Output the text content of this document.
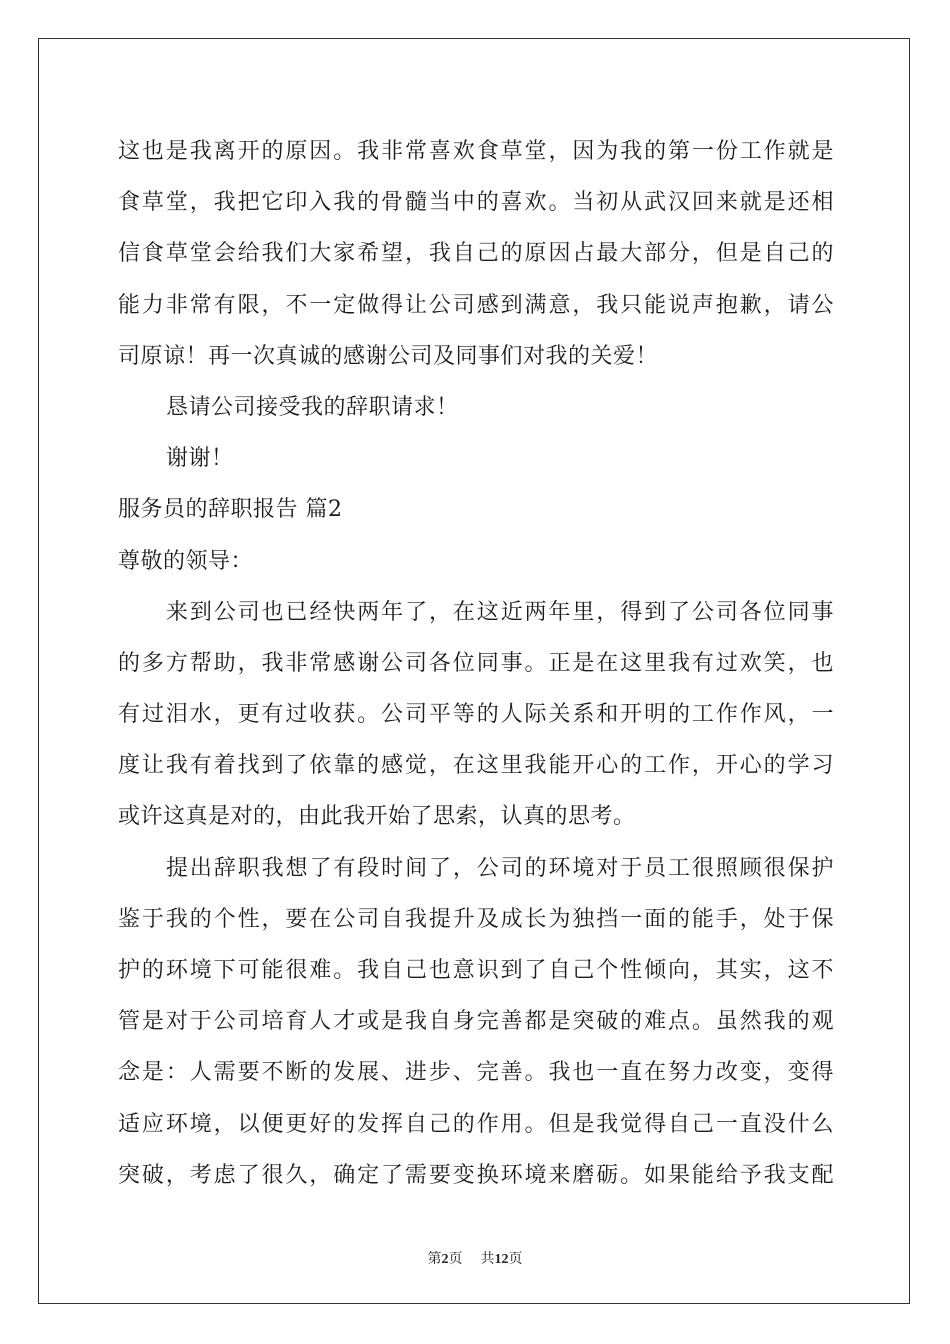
这也是我离开的原因。我非常喜欢食草堂，因为我的第一份工作就是
食草堂，我把它印入我的骨髓当中的喜欢。当初从武汉回来就是还相
信食草堂会给我们大家希望，我自己的原因占最大部分，但是自己的
能力非常有限，不一定做得让公司感到满意，我只能说声抱歉，请公
司原谅！再一次真诚的感谢公司及同事们对我的关爱！
恳请公司接受我的辞职请求！
谢谢！
服务员的辞职报告 篇2
尊敬的领导：
来到公司也已经快两年了，在这近两年里，得到了公司各位同事
的多方帮助，我非常感谢公司各位同事。正是在这里我有过欢笑，也
有过泪水，更有过收获。公司平等的人际关系和开明的工作作风，一
度让我有着找到了依靠的感觉，在这里我能开心的工作，开心的学习
或许这真是对的，由此我开始了思索，认真的思考。
提出辞职我想了有段时间了，公司的环境对于员工很照顾很保护
鉴于我的个性，要在公司自我提升及成长为独挡一面的能手，处于保
护的环境下可能很难。我自己也意识到了自己个性倾向，其实，这不
管是对于公司培育人才或是我自身完善都是突破的难点。虽然我的观
念是：人需要不断的发展、进步、完善。我也一直在努力改变，变得
适应环境，以便更好的发挥自己的作用。但是我觉得自己一直没什么
突破，考虑了很久，确定了需要变换环境来磨砺。如果能给予我支配
第2页 共12页
